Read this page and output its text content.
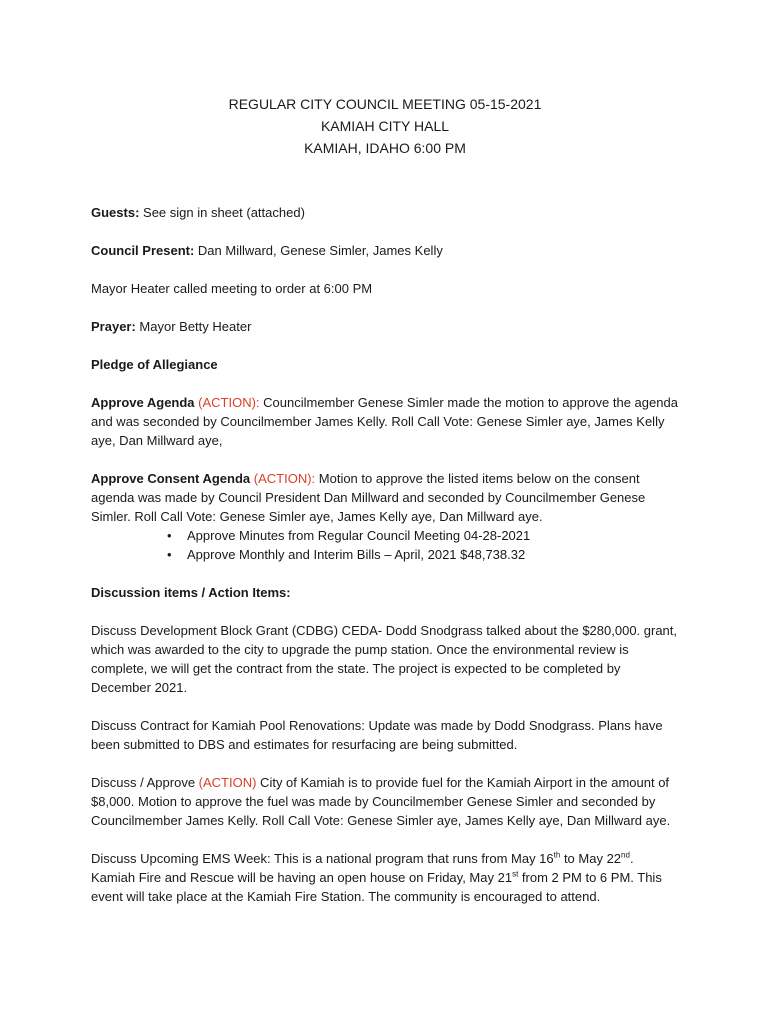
REGULAR CITY COUNCIL MEETING 05-15-2021
KAMIAH CITY HALL
KAMIAH, IDAHO 6:00 PM

Guests: See sign in sheet (attached)

Council Present: Dan Millward, Genese Simler, James Kelly

Mayor Heater called meeting to order at 6:00 PM

Prayer: Mayor Betty Heater

Pledge of Allegiance

Approve Agenda (ACTION): Councilmember Genese Simler made the motion to approve the agenda and was seconded by Councilmember James Kelly. Roll Call Vote: Genese Simler aye, James Kelly aye, Dan Millward aye,

Approve Consent Agenda (ACTION): Motion to approve the listed items below on the consent agenda was made by Council President Dan Millward and seconded by Councilmember Genese Simler. Roll Call Vote: Genese Simler aye, James Kelly aye, Dan Millward aye.

• Approve Minutes from Regular Council Meeting 04-28-2021
• Approve Monthly and Interim Bills – April, 2021 $48,738.32

Discussion items / Action Items:

Discuss Development Block Grant (CDBG) CEDA- Dodd Snodgrass talked about the $280,000. grant, which was awarded to the city to upgrade the pump station. Once the environmental review is complete, we will get the contract from the state. The project is expected to be completed by December 2021.

Discuss Contract for Kamiah Pool Renovations: Update was made by Dodd Snodgrass. Plans have been submitted to DBS and estimates for resurfacing are being submitted.

Discuss / Approve (ACTION) City of Kamiah is to provide fuel for the Kamiah Airport in the amount of $8,000. Motion to approve the fuel was made by Councilmember Genese Simler and seconded by Councilmember James Kelly. Roll Call Vote: Genese Simler aye, James Kelly aye, Dan Millward aye.

Discuss Upcoming EMS Week: This is a national program that runs from May 16th to May 22nd. Kamiah Fire and Rescue will be having an open house on Friday, May 21st from 2 PM to 6 PM. This event will take place at the Kamiah Fire Station. The community is encouraged to attend.
